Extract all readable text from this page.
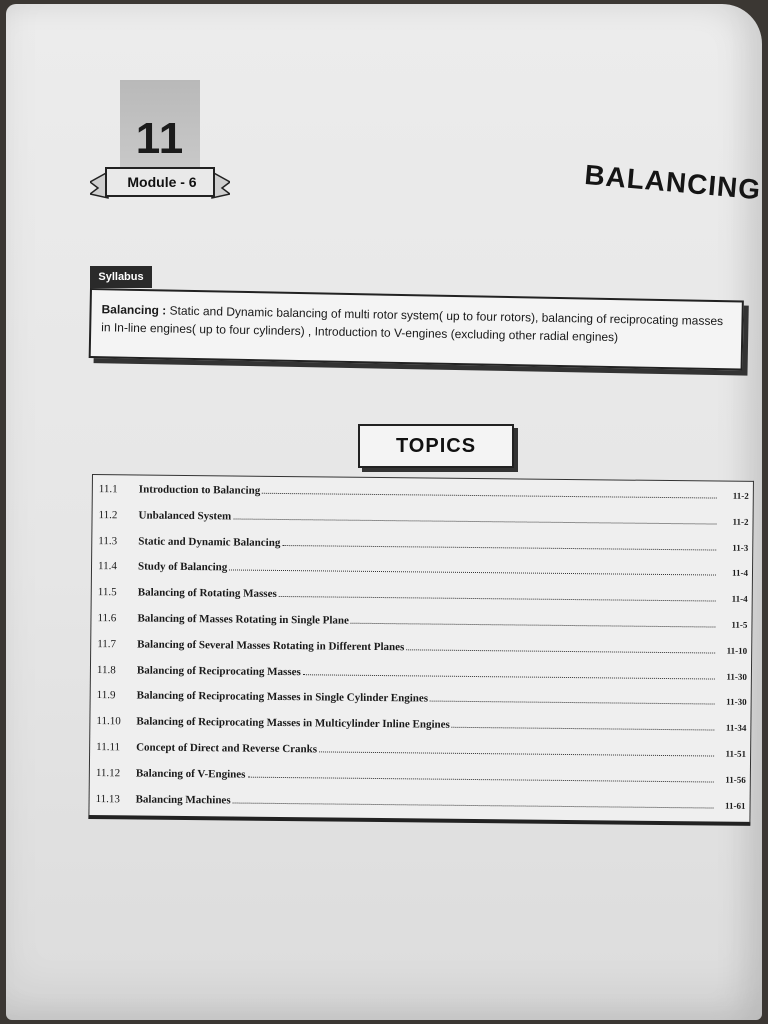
11
Module - 6	BALANCING
Syllabus
Balancing : Static and Dynamic balancing of multi rotor system( up to four rotors), balancing of reciprocating masses in In-line engines( up to four cylinders) , Introduction to V-engines (excluding other radial engines)
TOPICS
11.1	Introduction to Balancing	11-2
11.2	Unbalanced System	11-2
11.3	Static and Dynamic Balancing	11-3
11.4	Study of Balancing	11-4
11.5	Balancing of Rotating Masses	11-4
11.6	Balancing of Masses Rotating in Single Plane	11-5
11.7	Balancing of Several Masses Rotating in Different Planes	11-10
11.8	Balancing of Reciprocating Masses	11-30
11.9	Balancing of Reciprocating Masses in Single Cylinder Engines	11-30
11.10	Balancing of Reciprocating Masses in Multicylinder Inline Engines	11-34
11.11	Concept of Direct and Reverse Cranks	11-51
11.12	Balancing of V-Engines	11-56
11.13	Balancing Machines	11-61
